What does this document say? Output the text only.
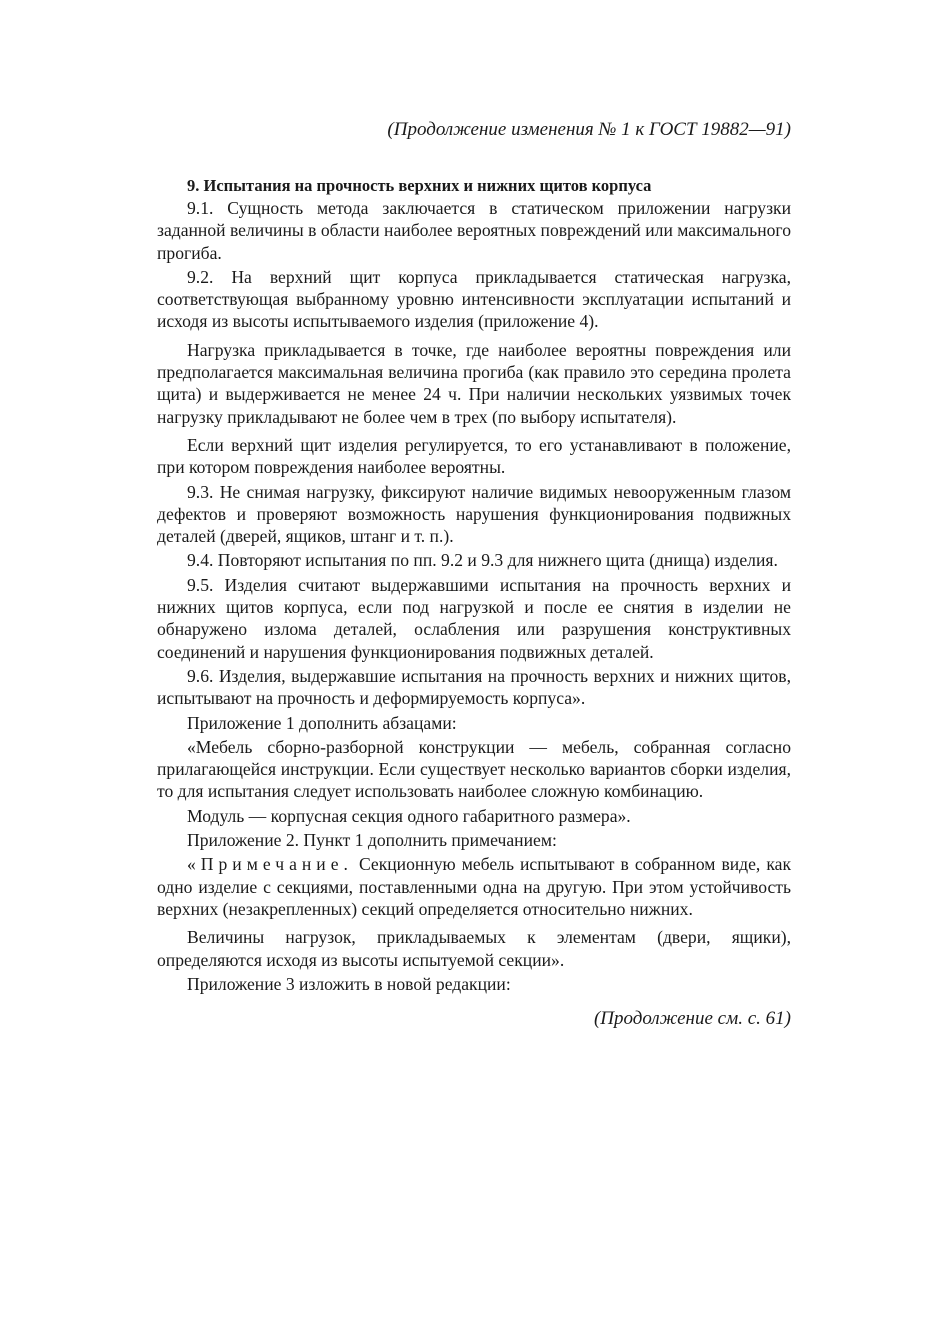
(Продолжение изменения № 1 к ГОСТ 19882—91)

9. Испытания на прочность верхних и нижних щитов корпуса

9.1. Сущность метода заключается в статическом приложении нагрузки заданной величины в области наиболее вероятных повреждений или максимального прогиба.

9.2. На верхний щит корпуса прикладывается статическая нагрузка, соответствующая выбранному уровню интенсивности эксплуатации испытаний и исходя из высоты испытываемого изделия (приложение 4).

Нагрузка прикладывается в точке, где наиболее вероятны повреждения или предполагается максимальная величина прогиба (как правило это середина пролета щита) и выдерживается не менее 24 ч. При наличии нескольких уязвимых точек нагрузку прикладывают не более чем в трех (по выбору испытателя).

Если верхний щит изделия регулируется, то его устанавливают в положение, при котором повреждения наиболее вероятны.

9.3. Не снимая нагрузку, фиксируют наличие видимых невооруженным глазом дефектов и проверяют возможность нарушения функционирования подвижных деталей (дверей, ящиков, штанг и т. п.).

9.4. Повторяют испытания по пп. 9.2 и 9.3 для нижнего щита (днища) изделия.

9.5. Изделия считают выдержавшими испытания на прочность верхних и нижних щитов корпуса, если под нагрузкой и после ее снятия в изделии не обнаружено излома деталей, ослабления или разрушения конструктивных соединений и нарушения функционирования подвижных деталей.

9.6. Изделия, выдержавшие испытания на прочность верхних и нижних щитов, испытывают на прочность и деформируемость корпуса».

Приложение 1 дополнить абзацами:

«Мебель сборно-разборной конструкции — мебель, собранная согласно прилагающейся инструкции. Если существует несколько вариантов сборки изделия, то для испытания следует использовать наиболее сложную комбинацию.

Модуль — корпусная секция одного габаритного размера».

Приложение 2. Пункт 1 дополнить примечанием:

«Примечание. Секционную мебель испытывают в собранном виде, как одно изделие с секциями, поставленными одна на другую. При этом устойчивость верхних (незакрепленных) секций определяется относительно нижних.

Величины нагрузок, прикладываемых к элементам (двери, ящики), определяются исходя из высоты испытуемой секции».

Приложение 3 изложить в новой редакции:

(Продолжение см. с. 61)
